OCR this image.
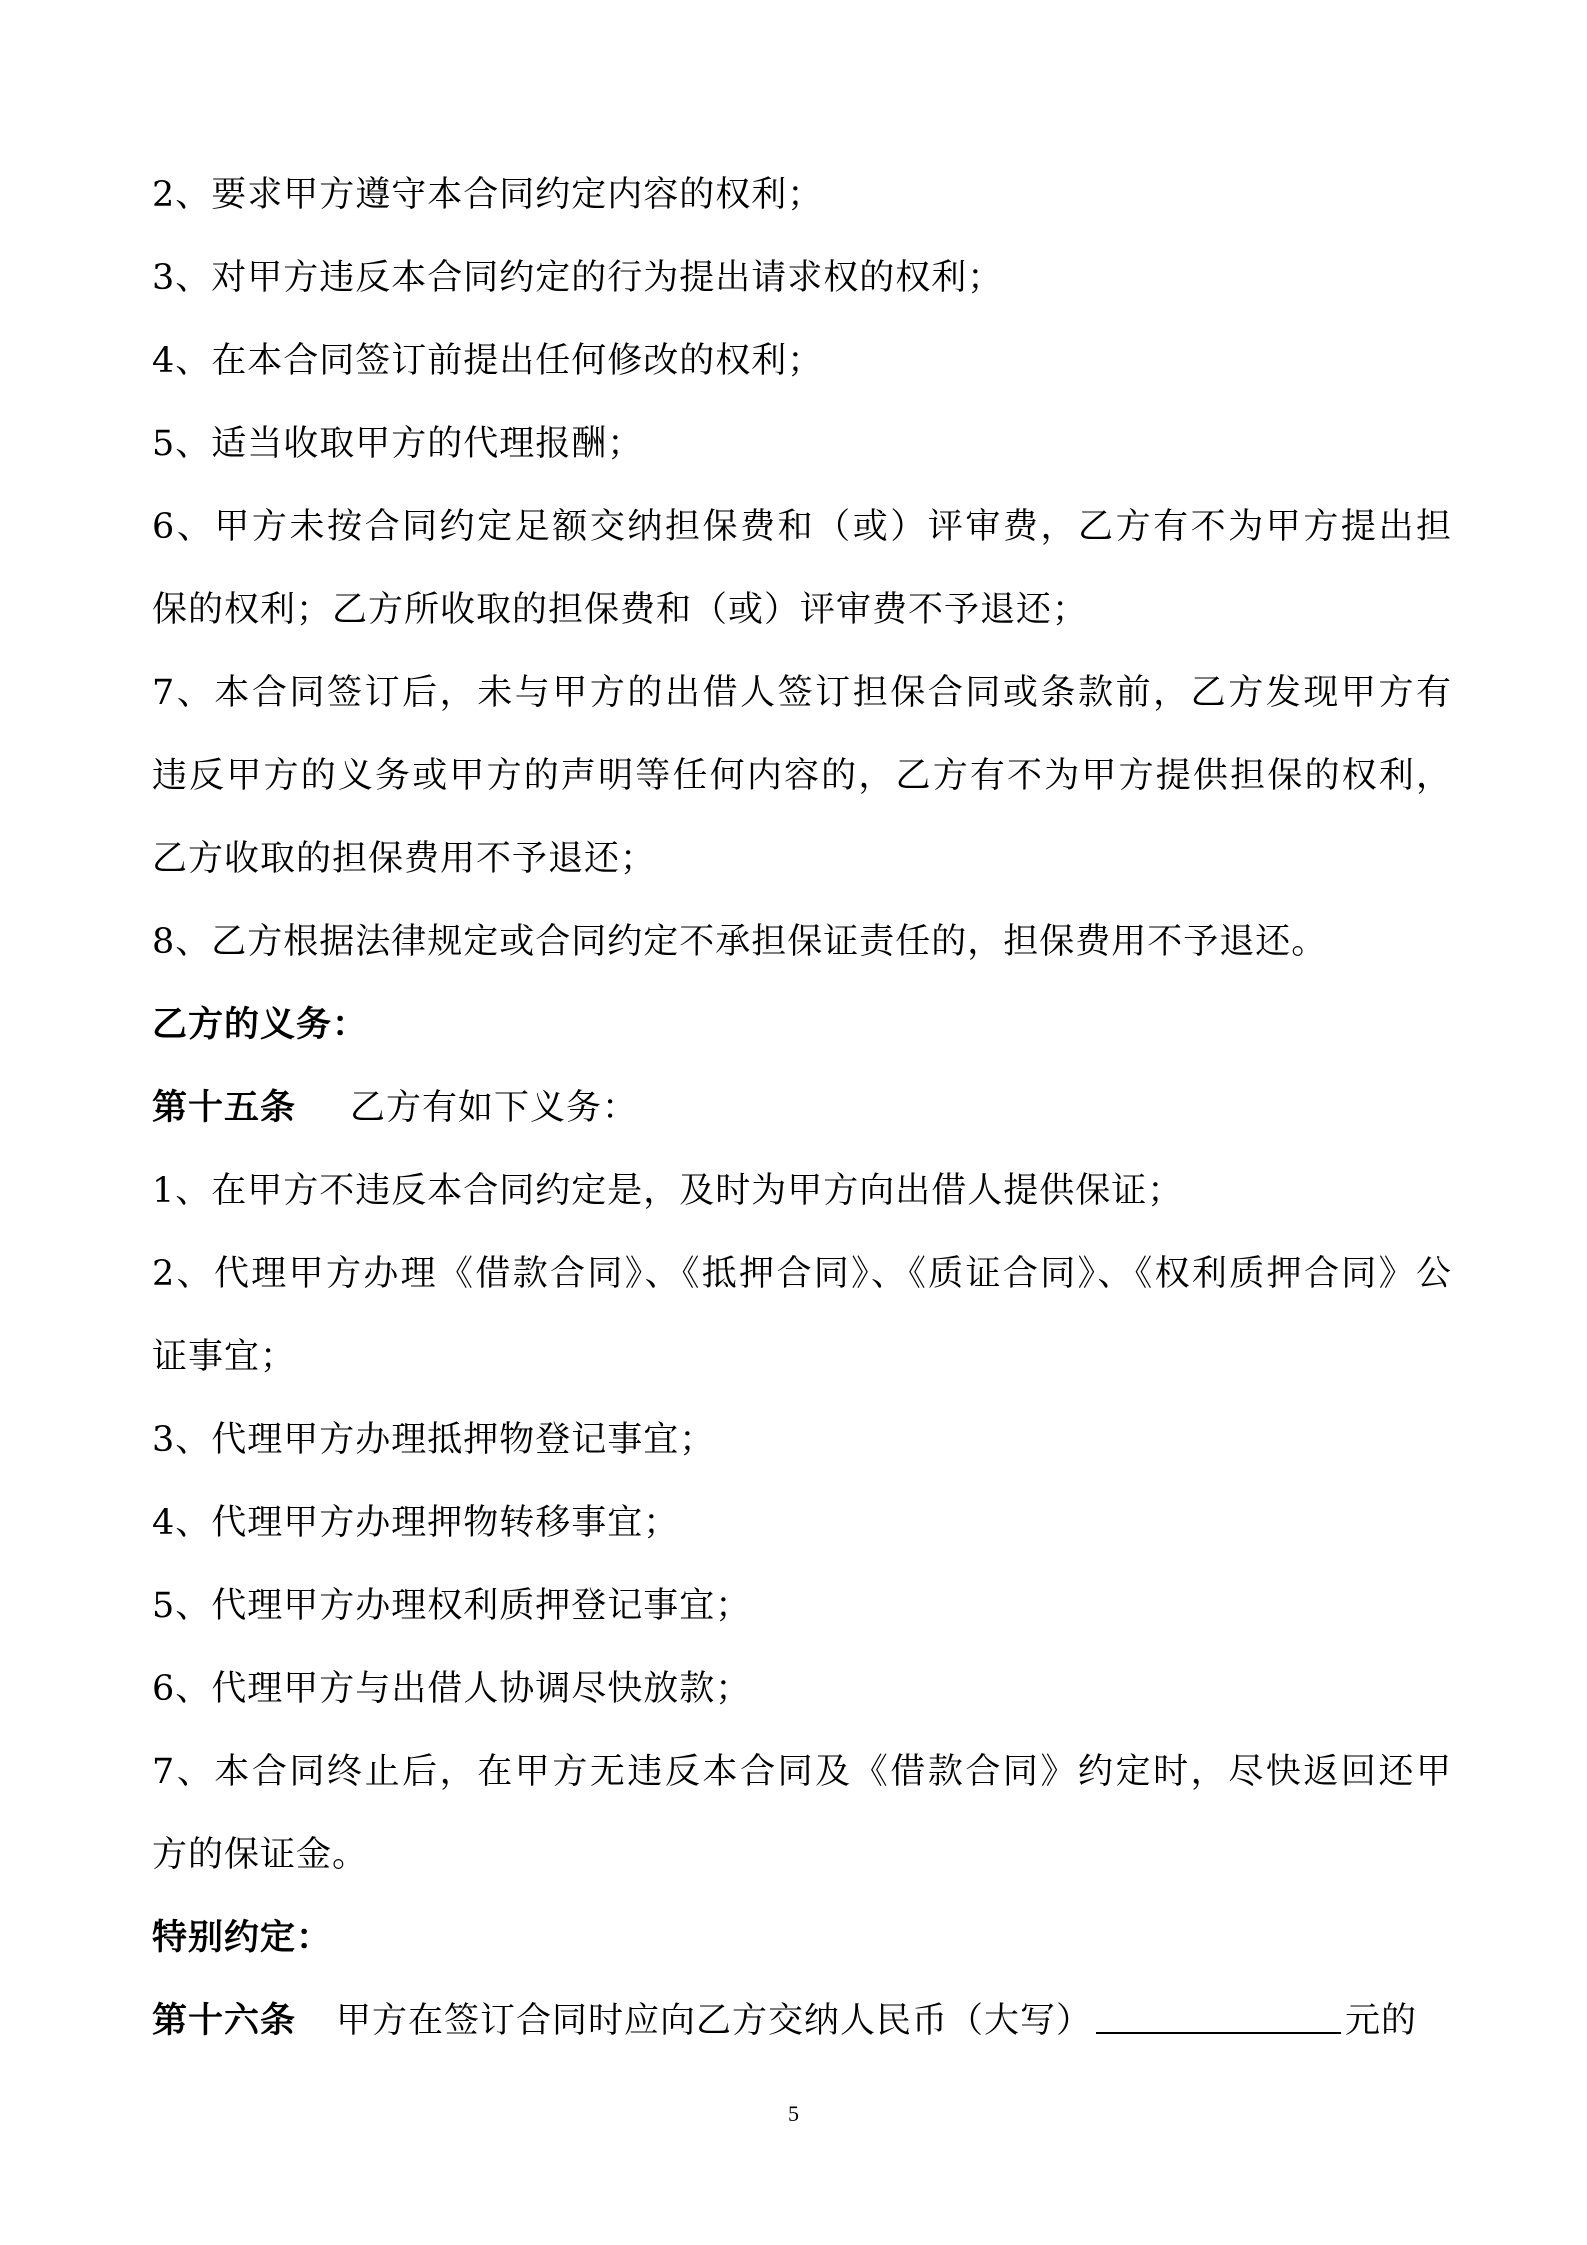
2、要求甲方遵守本合同约定内容的权利；
3、对甲方违反本合同约定的行为提出请求权的权利；
4、在本合同签订前提出任何修改的权利；
5、适当收取甲方的代理报酬；
6、甲方未按合同约定足额交纳担保费和（或）评审费，乙方有不为甲方提出担
保的权利；乙方所收取的担保费和（或）评审费不予退还；
7、本合同签订后，未与甲方的出借人签订担保合同或条款前，乙方发现甲方有
违反甲方的义务或甲方的声明等任何内容的，乙方有不为甲方提供担保的权利，
乙方收取的担保费用不予退还；
8、乙方根据法律规定或合同约定不承担保证责任的，担保费用不予退还。
乙方的义务：
第十五条 乙方有如下义务：
1、在甲方不违反本合同约定是，及时为甲方向出借人提供保证；
2、代理甲方办理《借款合同》、《抵押合同》、《质证合同》、《权利质押合同》公
证事宜；
3、代理甲方办理抵押物登记事宜；
4、代理甲方办理押物转移事宜；
5、代理甲方办理权利质押登记事宜；
6、代理甲方与出借人协调尽快放款；
7、本合同终止后，在甲方无违反本合同及《借款合同》约定时，尽快返回还甲
方的保证金。
特别约定：
第十六条 甲方在签订合同时应向乙方交纳人民币（大写）	元的
5
